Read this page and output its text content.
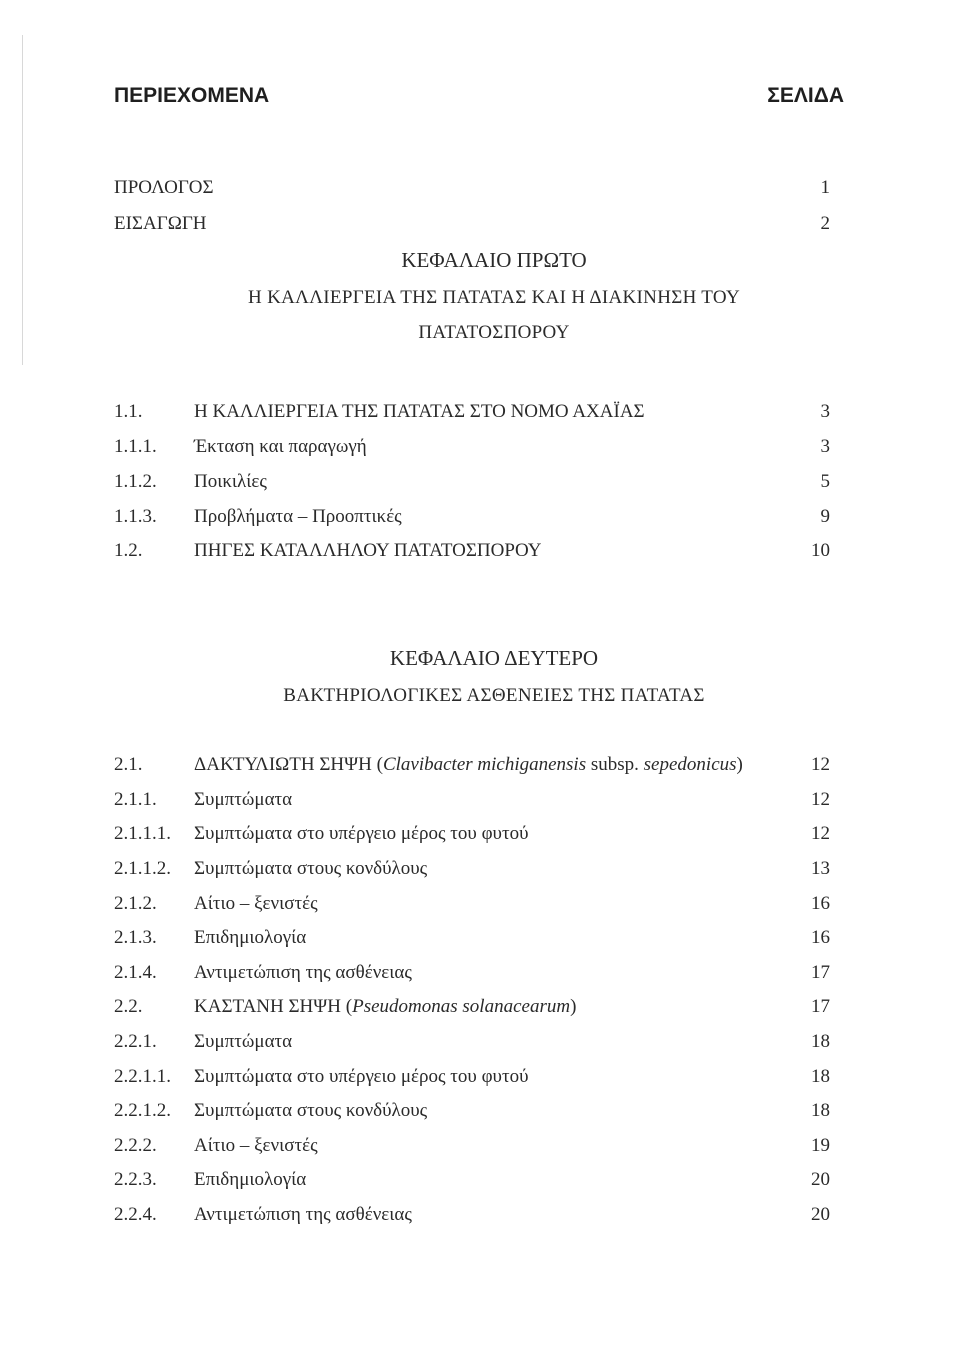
ΠΕΡΙΕΧΟΜΕΝΑ	ΣΕΛΙΔΑ
ΠΡΟΛΟΓΟΣ	1
ΕΙΣΑΓΩΓΗ	2
ΚΕΦΑΛΑΙΟ ΠΡΩΤΟ
Η ΚΑΛΛΙΕΡΓΕΙΑ ΤΗΣ ΠΑΤΑΤΑΣ ΚΑΙ Η ΔΙΑΚΙΝΗΣΗ ΤΟΥ
ΠΑΤΑΤΟΣΠΟΡΟΥ
1.1.	Η ΚΑΛΛΙΕΡΓΕΙΑ ΤΗΣ ΠΑΤΑΤΑΣ ΣΤΟ ΝΟΜΟ ΑΧΑΪΑΣ	3
1.1.1. Έκταση και παραγωγή	3
1.1.2. Ποικιλίες	5
1.1.3. Προβλήματα – Προοπτικές	9
1.2.	ΠΗΓΕΣ ΚΑΤΑΛΛΗΛΟΥ ΠΑΤΑΤΟΣΠΟΡΟΥ	10
ΚΕΦΑΛΑΙΟ ΔΕΥΤΕΡΟ
ΒΑΚΤΗΡΙΟΛΟΓΙΚΕΣ ΑΣΘΕΝΕΙΕΣ ΤΗΣ ΠΑΤΑΤΑΣ
2.1.	ΔΑΚΤΥΛΙΩΤΗ ΣΗΨΗ (Clavibacter michiganensis subsp. sepedonicus)	12
2.1.1. Συμπτώματα	12
2.1.1.1. Συμπτώματα στο υπέργειο μέρος του φυτού	12
2.1.1.2. Συμπτώματα στους κονδύλους	13
2.1.2. Αίτιο – ξενιστές	16
2.1.3. Επιδημιολογία	16
2.1.4. Αντιμετώπιση της ασθένειας	17
2.2.	ΚΑΣΤΑΝΗ ΣΗΨΗ (Pseudomonas solanacearum)	17
2.2.1. Συμπτώματα	18
2.2.1.1. Συμπτώματα στο υπέργειο μέρος του φυτού	18
2.2.1.2. Συμπτώματα στους κονδύλους	18
2.2.2. Αίτιο – ξενιστές	19
2.2.3. Επιδημιολογία	20
2.2.4. Αντιμετώπιση της ασθένειας	20
